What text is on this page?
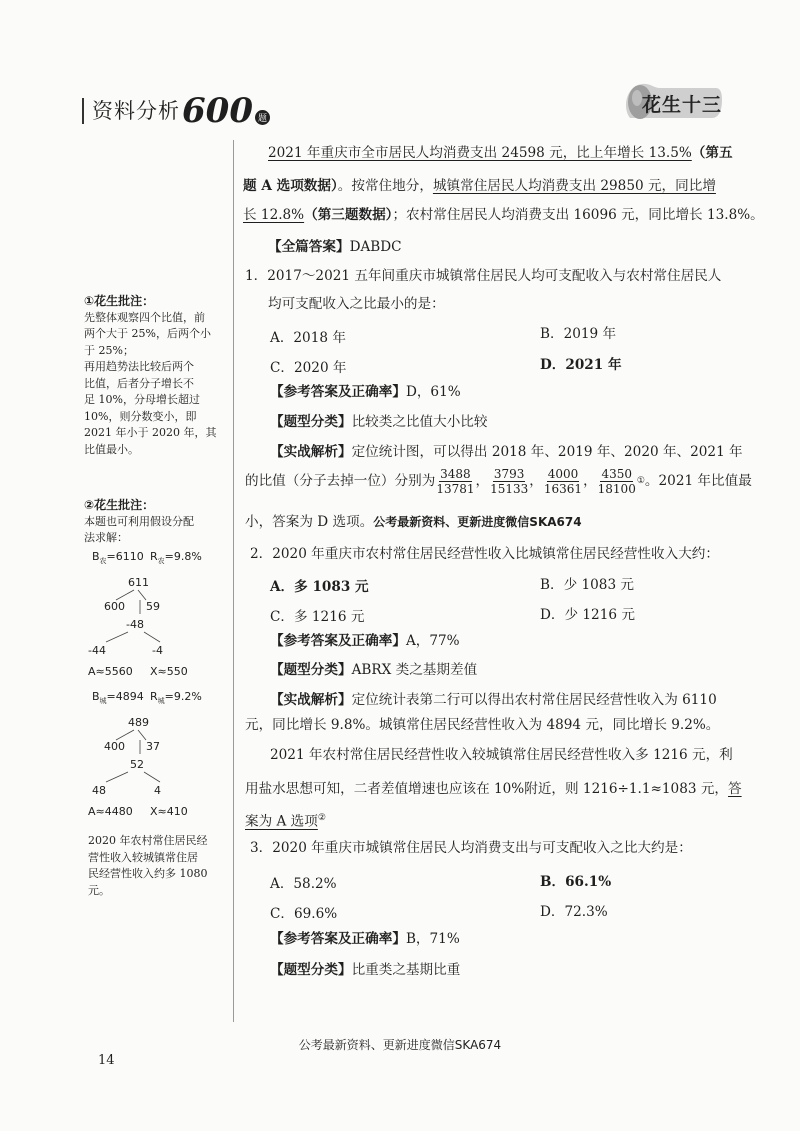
资料分析 600 题
花生十三
2021 年重庆市全市居民人均消费支出 24598 元，比上年增长 13.5%（第五
题 A 选项数据）。按常住地分，城镇常住居民人均消费支出 29850 元，同比增
长 12.8%（第三题数据）；农村常住居民人均消费支出 16096 元，同比增长 13.8%。
【全篇答案】DABDC
1．2017～2021 五年间重庆市城镇常住居民人均可支配收入与农村常住居民人
均可支配收入之比最小的是：
A．2018 年	B．2019 年
C．2020 年	D．2021 年
【参考答案及正确率】D，61%
【题型分类】比较类之比值大小比较
【实战解析】定位统计图，可以得出 2018 年、2019 年、2020 年、2021 年
的比值（分子去掉一位）分别为 $\frac{3488}{13781}$ ， $\frac{3793}{15133}$ ， $\frac{4000}{16361}$ ， $\frac{4350}{18100}$ ① 。2021 年比值最
小，答案为 D 选项。公考最新资料、更新进度微信SKA674
2．2020 年重庆市农村常住居民经营性收入比城镇常住居民经营性收入大约：
A．多 1083 元	B．少 1083 元
C．多 1216 元	D．少 1216 元
【参考答案及正确率】A，77%
【题型分类】ABRX 类之基期差值
【实战解析】定位统计表第二行可以得出农村常住居民经营性收入为 6110
元，同比增长 9.8%。城镇常住居民经营性收入为 4894 元，同比增长 9.2%。
2021 年农村常住居民经营性收入较城镇常住居民经营性收入多 1216 元，利
用盐水思想可知，二者差值增速也应该在 10%附近，则 1216÷1.1≈1083 元，答
案为 A 选项②
3．2020 年重庆市城镇常住居民人均消费支出与可支配收入之比大约是：
A．58.2%	B．66.1%
C．69.6%	D．72.3%
【参考答案及正确率】B，71%
【题型分类】比重类之基期比重
①花生批注：
先整体观察四个比值，前
两个大于 25%，后两个小
于 25%；
再用趋势法比较后两个
比值，后者分子增长不
足 10%，分母增长超过
10%，则分数变小，即
2021 年小于 2020 年，其
比值最小。
②花生批注：
本题也可利用假设分配
法求解：
$B_农=6110$ $R_农=9.8\%$
611
600 59
-48
-44	-4
A≈5560 X≈550
$B_城=4894$ $R_城=9.2\%$
489
400 37
52
48	4
A≈4480 X≈410
2020 年农村常住居民经
营性收入较城镇常住居
民经营性收入约多 1080
元。
公考最新资料、更新进度微信SKA674
14
